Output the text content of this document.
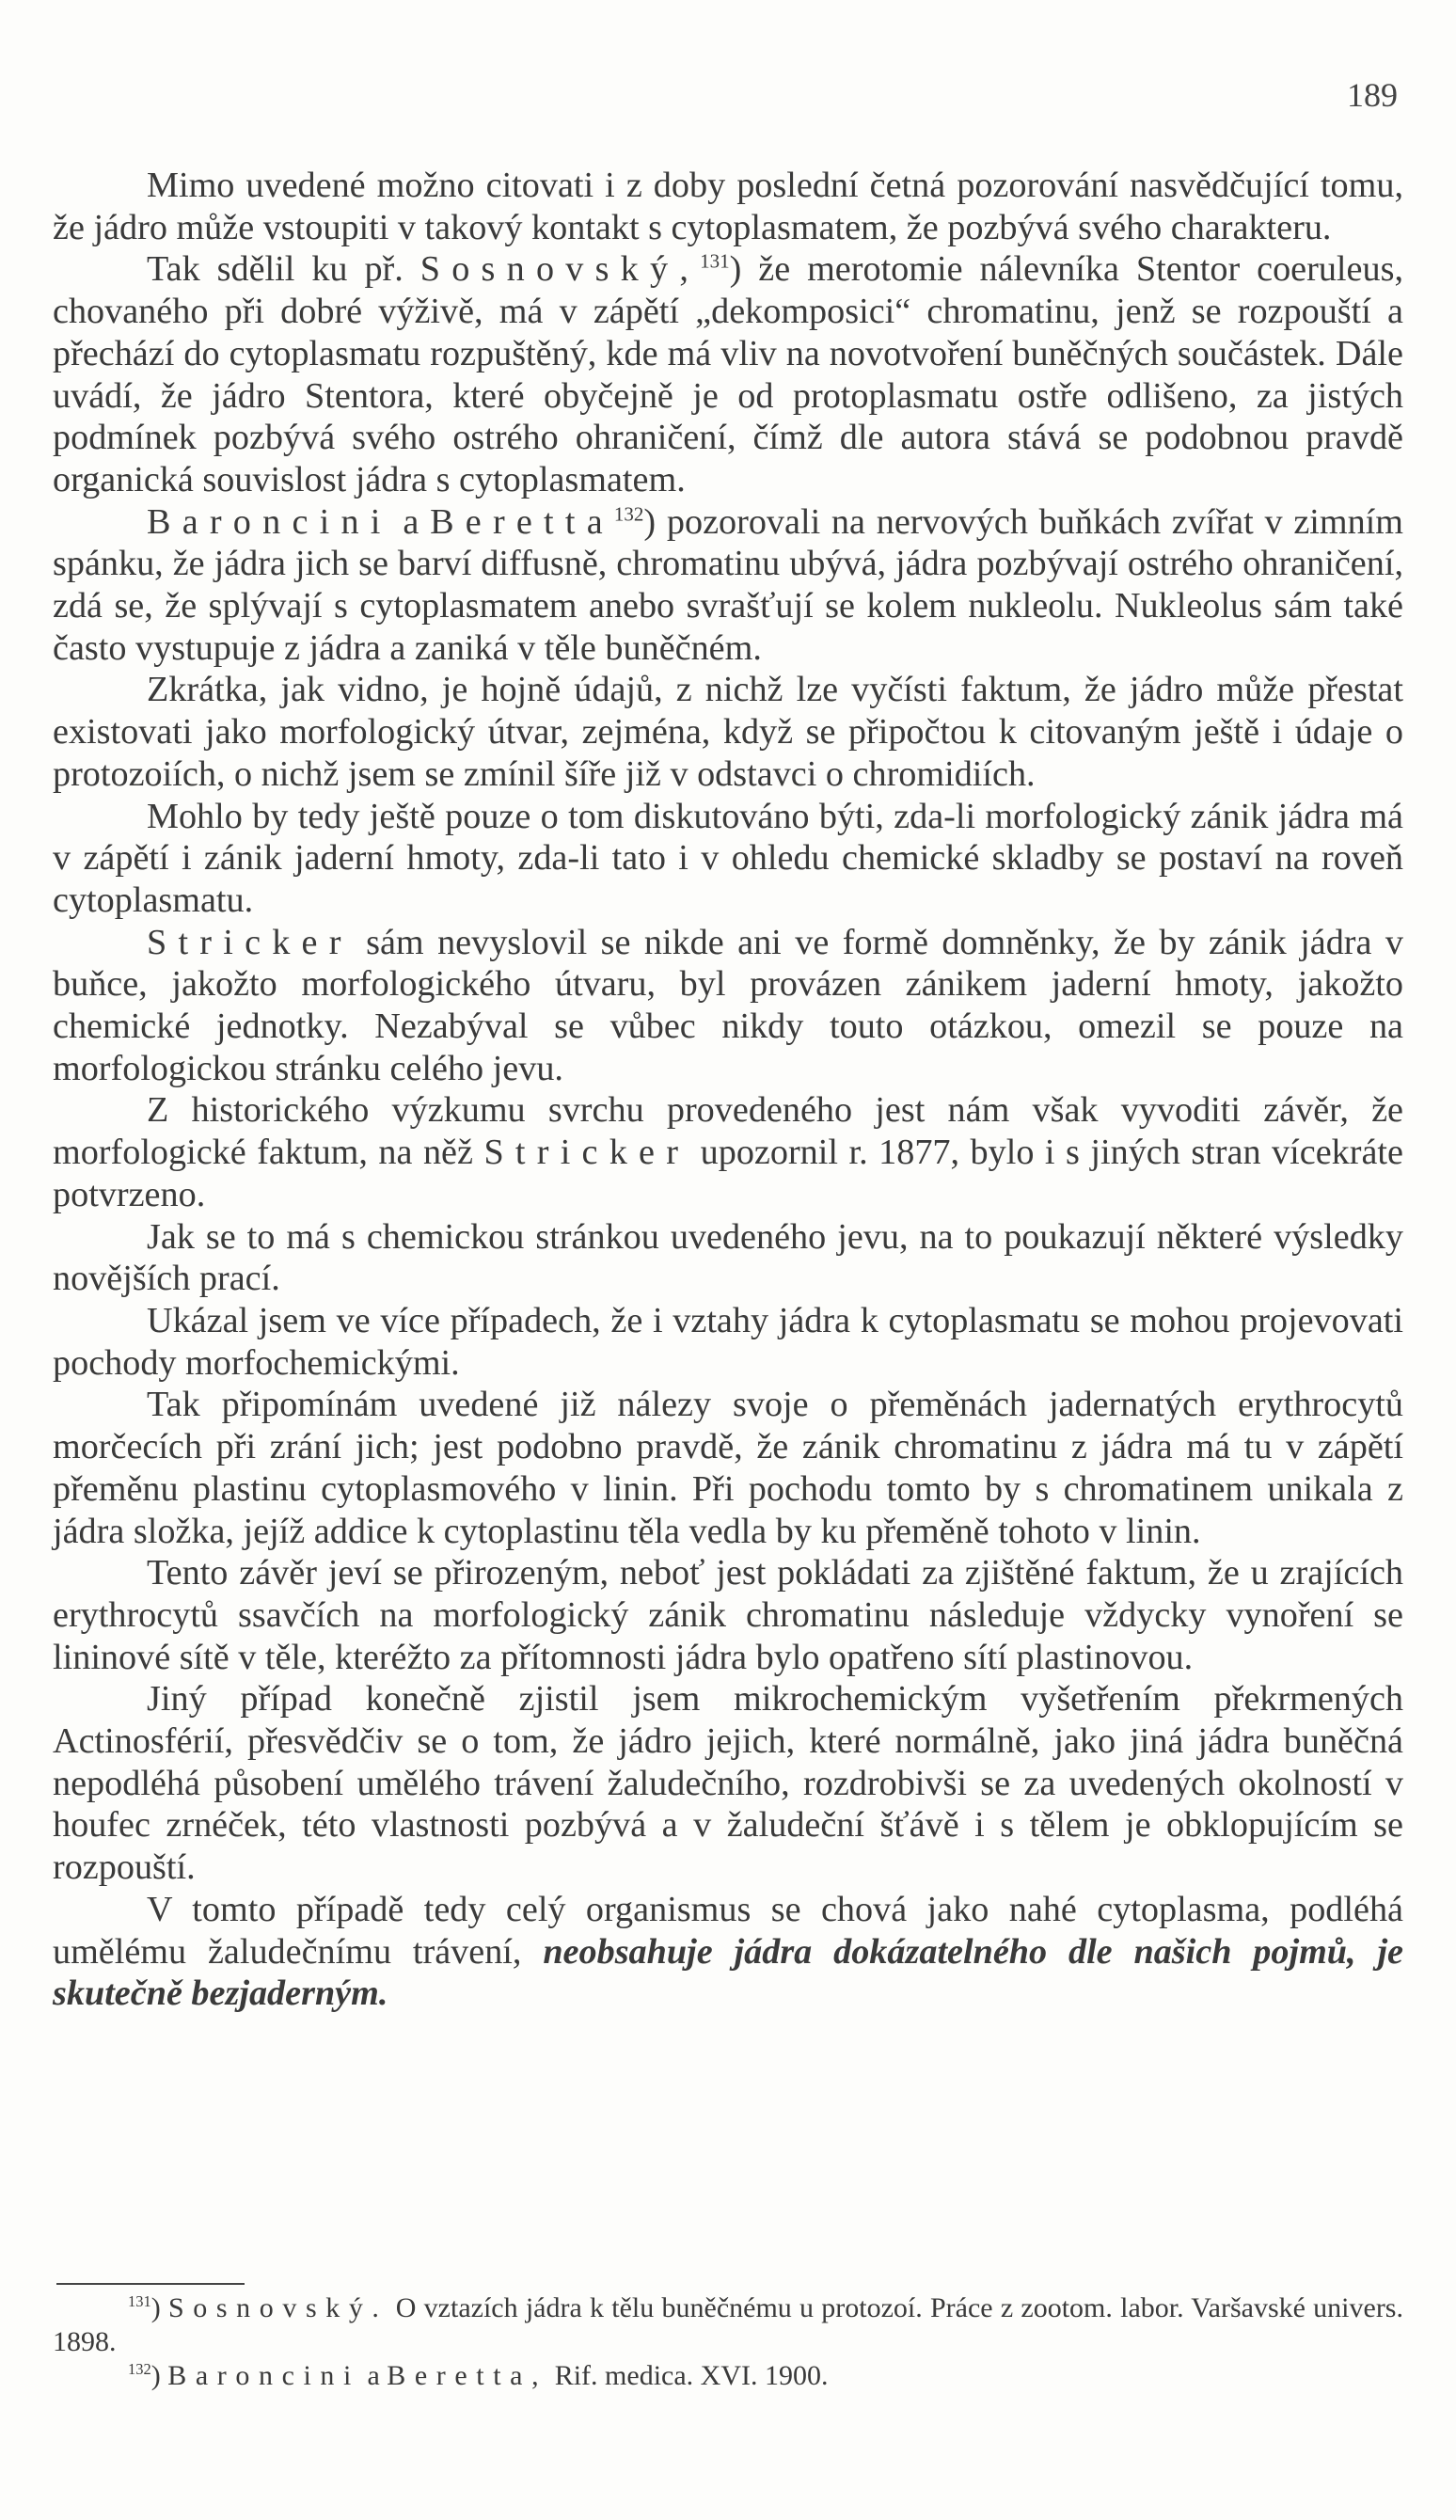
189

Mimo uvedené možno citovati i z doby poslední četná pozorování nasvědčující tomu, že jádro může vstoupiti v takový kontakt s cytoplasmatem, že pozbývá svého charakteru.

Tak sdělil ku př. Sosnovský,$^{131}$) že merotomie nálevníka Stentor coeruleus, chovaného při dobré výživě, má v zápětí „dekomposici“ chromatinu, jenž se rozpouští a přechází do cytoplasmatu rozpuštěný, kde má vliv na novotvoření buněčných součástek. Dále uvádí, že jádro Stentora, které obyčejně je od protoplasmatu ostře odlišeno, za jistých podmínek pozbývá svého ostrého ohraničení, čímž dle autora stává se podobnou pravdě organická souvislost jádra s cytoplasmatem.

Baroncini a Beretta$^{132}$) pozorovali na nervových buňkách zvířat v zimním spánku, že jádra jich se barví diffusně, chromatinu ubývá, jádra pozbývají ostrého ohraničení, zdá se, že splývají s cytoplasmatem anebo svrašťují se kolem nukleolu. Nukleolus sám také často vystupuje z jádra a zaniká v těle buněčném.

Zkrátka, jak vidno, je hojně údajů, z nichž lze vyčísti faktum, že jádro může přestat existovati jako morfologický útvar, zejména, když se připočtou k citovaným ještě i údaje o protozoiích, o nichž jsem se zmínil šíře již v odstavci o chromidiích.

Mohlo by tedy ještě pouze o tom diskutováno býti, zda-li morfologický zánik jádra má v zápětí i zánik jaderní hmoty, zda-li tato i v ohledu chemické skladby se postaví na roveň cytoplasmatu.

Stricker sám nevyslovil se nikde ani ve formě domněnky, že by zánik jádra v buňce, jakožto morfologického útvaru, byl provázen zánikem jaderní hmoty, jakožto chemické jednotky. Nezabýval se vůbec nikdy touto otázkou, omezil se pouze na morfologickou stránku celého jevu.

Z historického výzkumu svrchu provedeného jest nám však vyvoditi závěr, že morfologické faktum, na něž Stricker upozornil r. 1877, bylo i s jiných stran vícekráte potvrzeno.

Jak se to má s chemickou stránkou uvedeného jevu, na to poukazují některé výsledky novějších prací.

Ukázal jsem ve více případech, že i vztahy jádra k cytoplasmatu se mohou projevovati pochody morfochemickými.

Tak připomínám uvedené již nálezy svoje o přeměnách jadernatých erythrocytů morčecích při zrání jich; jest podobno pravdě, že zánik chromatinu z jádra má tu v zápětí přeměnu plastinu cytoplasmového v linin. Při pochodu tomto by s chromatinem unikala z jádra složka, jejíž addice k cytoplastinu těla vedla by ku přeměně tohoto v linin.

Tento závěr jeví se přirozeným, neboť jest pokládati za zjištěné faktum, že u zrajících erythrocytů ssavčích na morfologický zánik chromatinu následuje vždycky vynoření se lininové sítě v těle, kteréžto za přítomnosti jádra bylo opatřeno sítí plastinovou.

Jiný případ konečně zjistil jsem mikrochemickým vyšetřením překrmených Actinosférií, přesvědčiv se o tom, že jádro jejich, které normálně, jako jiná jádra buněčná nepodléhá působení umělého trávení žaludečního, rozdrobivši se za uvedených okolností v houfec zrnéček, této vlastnosti pozbývá a v žaludeční šťávě i s tělem je obklopujícím se rozpouští.

V tomto případě tedy celý organismus se chová jako nahé cytoplasma, podléhá umělému žaludečnímu trávení, neobsahuje jádra dokázatelného dle našich pojmů, je skutečně bezjaderným.

$^{131}$) Sosnovský. O vztazích jádra k tělu buněčnému u protozoí. Práce z zootom. labor. Varšavské univers. 1898.

$^{132}$) Baroncini a Beretta, Rif. medica. XVI. 1900.
